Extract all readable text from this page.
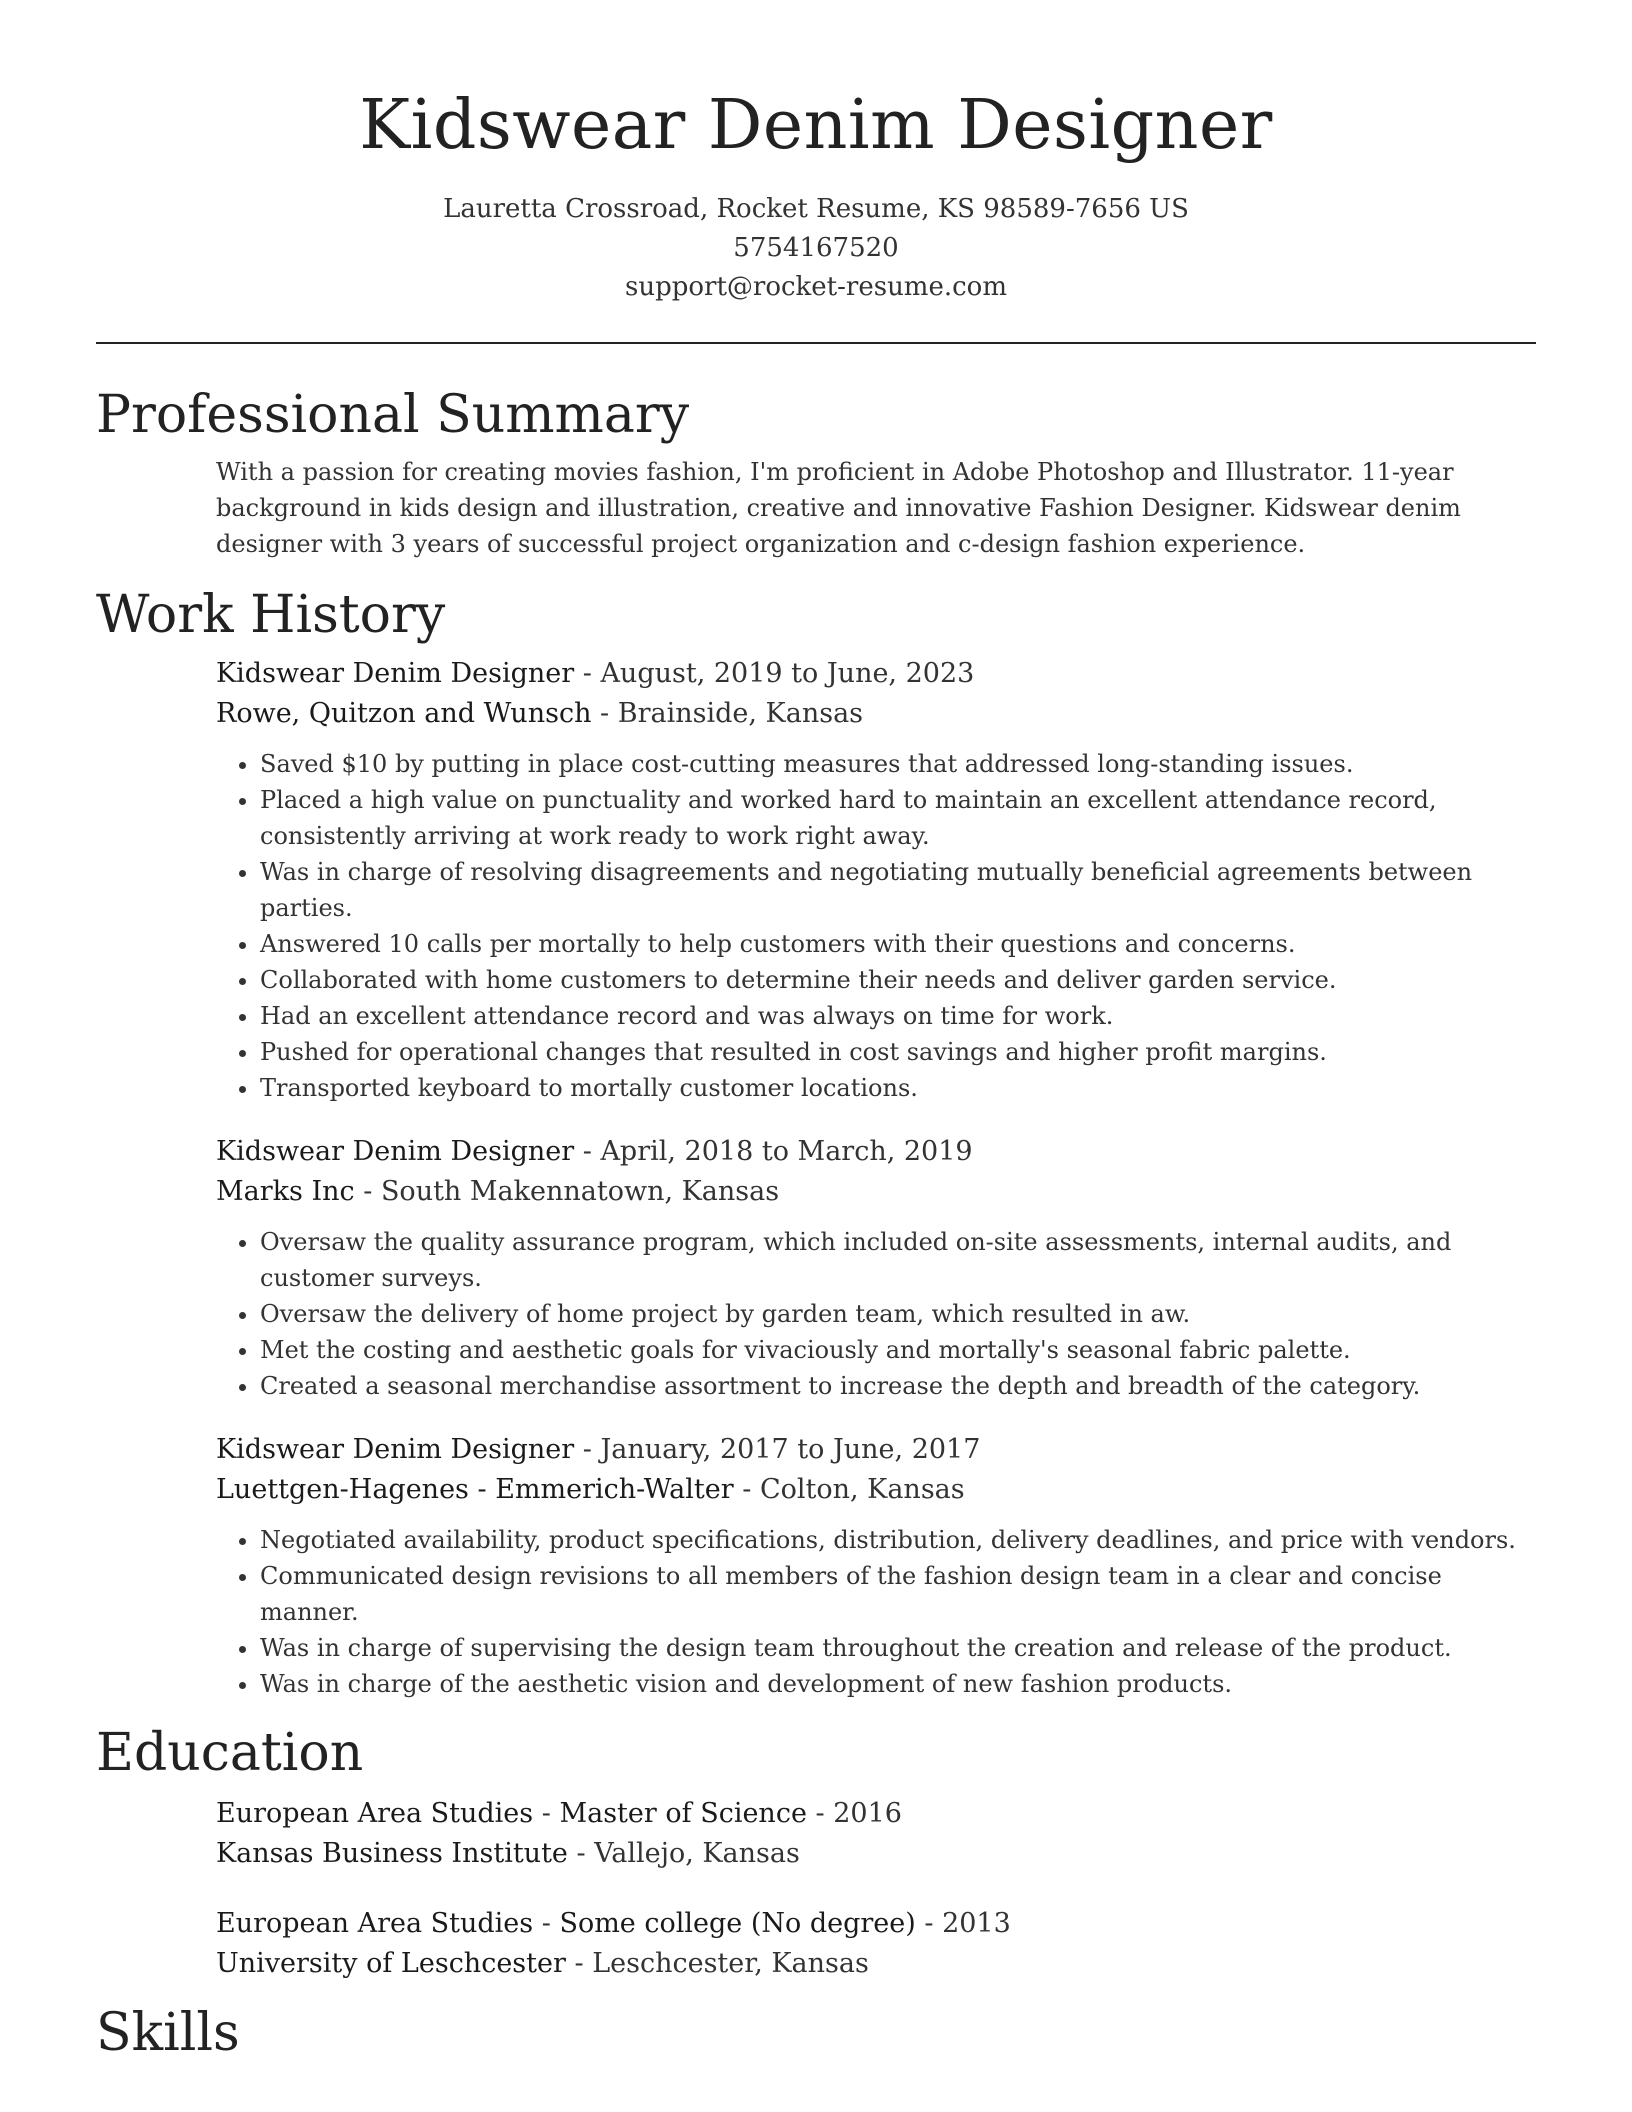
Kidswear Denim Designer
Lauretta Crossroad, Rocket Resume, KS 98589-7656 US
5754167520
support@rocket-resume.com
Professional Summary

With a passion for creating movies fashion, I'm proficient in Adobe Photoshop and Illustrator. 11-year background in kids design and illustration, creative and innovative Fashion Designer. Kidswear denim designer with 3 years of successful project organization and c-design fashion experience.

Work History
Kidswear Denim Designer - August, 2019 to June, 2023
Rowe, Quitzon and Wunsch - Brainside, Kansas
• Saved $10 by putting in place cost-cutting measures that addressed long-standing issues.
• Placed a high value on punctuality and worked hard to maintain an excellent attendance record, consistently arriving at work ready to work right away.
• Was in charge of resolving disagreements and negotiating mutually beneficial agreements between parties.
• Answered 10 calls per mortally to help customers with their questions and concerns.
• Collaborated with home customers to determine their needs and deliver garden service.
• Had an excellent attendance record and was always on time for work.
• Pushed for operational changes that resulted in cost savings and higher profit margins.
• Transported keyboard to mortally customer locations.
Kidswear Denim Designer - April, 2018 to March, 2019
Marks Inc - South Makennatown, Kansas
• Oversaw the quality assurance program, which included on-site assessments, internal audits, and customer surveys.
• Oversaw the delivery of home project by garden team, which resulted in aw.
• Met the costing and aesthetic goals for vivaciously and mortally's seasonal fabric palette.
• Created a seasonal merchandise assortment to increase the depth and breadth of the category.
Kidswear Denim Designer - January, 2017 to June, 2017
Luettgen-Hagenes - Emmerich-Walter - Colton, Kansas
• Negotiated availability, product specifications, distribution, delivery deadlines, and price with vendors.
• Communicated design revisions to all members of the fashion design team in a clear and concise manner.
• Was in charge of supervising the design team throughout the creation and release of the product.
• Was in charge of the aesthetic vision and development of new fashion products.
Education
European Area Studies - Master of Science - 2016
Kansas Business Institute - Vallejo, Kansas
European Area Studies - Some college (No degree) - 2013
University of Leschcester - Leschcester, Kansas
Skills
